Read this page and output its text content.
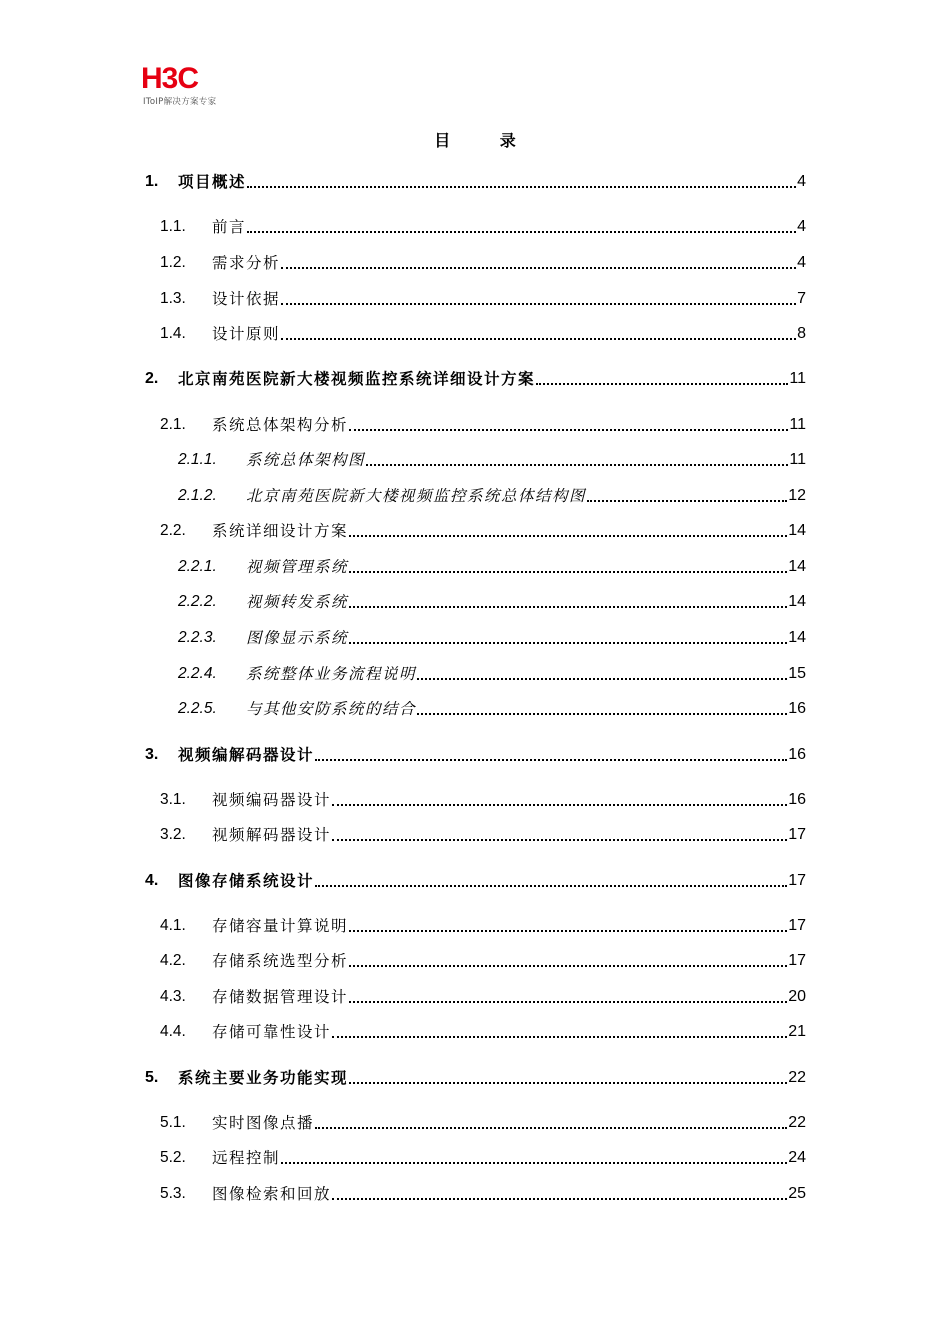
H3C
IToIP解决方案专家
目 录
1.	项目概述	4
1.1.	前言	4
1.2.	需求分析	4
1.3.	设计依据	7
1.4.	设计原则	8
2.	北京南苑医院新大楼视频监控系统详细设计方案	11
2.1.	系统总体架构分析	11
2.1.1.	系统总体架构图	11
2.1.2.	北京南苑医院新大楼视频监控系统总体结构图	12
2.2.	系统详细设计方案	14
2.2.1.	视频管理系统	14
2.2.2.	视频转发系统	14
2.2.3.	图像显示系统	14
2.2.4.	系统整体业务流程说明	15
2.2.5.	与其他安防系统的结合	16
3.	视频编解码器设计	16
3.1.	视频编码器设计	16
3.2.	视频解码器设计	17
4.	图像存储系统设计	17
4.1.	存储容量计算说明	17
4.2.	存储系统选型分析	17
4.3.	存储数据管理设计	20
4.4.	存储可靠性设计	21
5.	系统主要业务功能实现	22
5.1.	实时图像点播	22
5.2.	远程控制	24
5.3.	图像检索和回放	25
